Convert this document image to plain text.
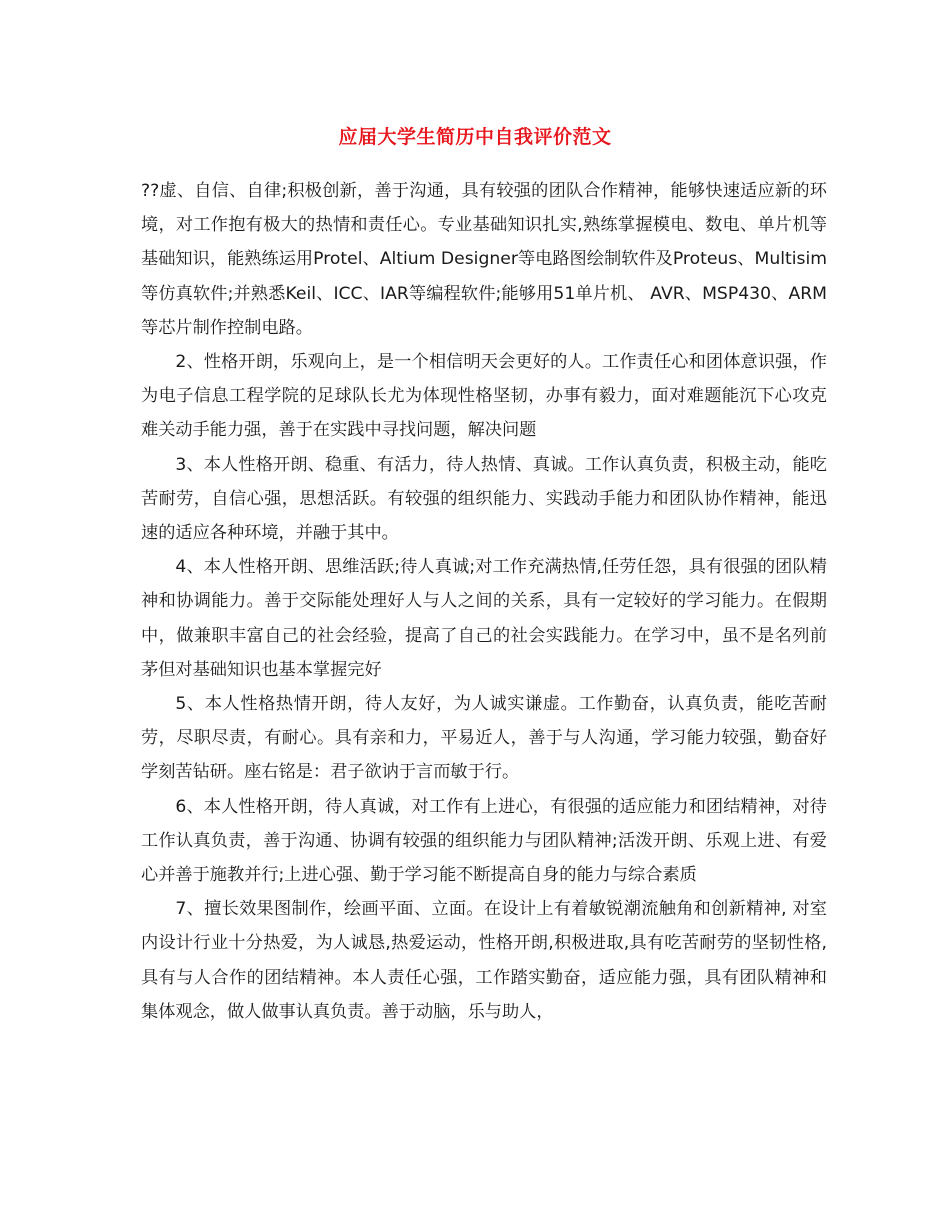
应届大学生简历中自我评价范文

??虚、自信、自律;积极创新，善于沟通，具有较强的团队合作精神，能够快速适应新的环境，对工作抱有极大的热情和责任心。专业基础知识扎实,熟练掌握模电、数电、单片机等基础知识，能熟练运用Protel、Altium Designer等电路图绘制软件及Proteus、Multisim等仿真软件;并熟悉Keil、ICC、IAR等编程软件;能够用51单片机、 AVR、MSP430、ARM等芯片制作控制电路。

2、性格开朗，乐观向上，是一个相信明天会更好的人。工作责任心和团体意识强，作为电子信息工程学院的足球队长尤为体现性格坚韧，办事有毅力，面对难题能沉下心攻克难关动手能力强，善于在实践中寻找问题，解决问题

3、本人性格开朗、稳重、有活力，待人热情、真诚。工作认真负责，积极主动，能吃苦耐劳，自信心强，思想活跃。有较强的组织能力、实践动手能力和团队协作精神，能迅速的适应各种环境，并融于其中。

4、本人性格开朗、思维活跃;待人真诚;对工作充满热情,任劳任怨，具有很强的团队精神和协调能力。善于交际能处理好人与人之间的关系，具有一定较好的学习能力。在假期中，做兼职丰富自己的社会经验，提高了自己的社会实践能力。在学习中，虽不是名列前茅但对基础知识也基本掌握完好

5、本人性格热情开朗，待人友好，为人诚实谦虚。工作勤奋，认真负责，能吃苦耐劳，尽职尽责，有耐心。具有亲和力，平易近人，善于与人沟通，学习能力较强，勤奋好学刻苦钻研。座右铭是：君子欲讷于言而敏于行。

6、本人性格开朗，待人真诚，对工作有上进心，有很强的适应能力和团结精神，对待工作认真负责，善于沟通、协调有较强的组织能力与团队精神;活泼开朗、乐观上进、有爱心并善于施教并行;上进心强、勤于学习能不断提高自身的能力与综合素质

7、擅长效果图制作，绘画平面、立面。在设计上有着敏锐潮流触角和创新精神, 对室内设计行业十分热爱，为人诚恳,热爱运动，性格开朗,积极进取,具有吃苦耐劳的坚韧性格,具有与人合作的团结精神。本人责任心强，工作踏实勤奋，适应能力强，具有团队精神和集体观念，做人做事认真负责。善于动脑，乐与助人，
